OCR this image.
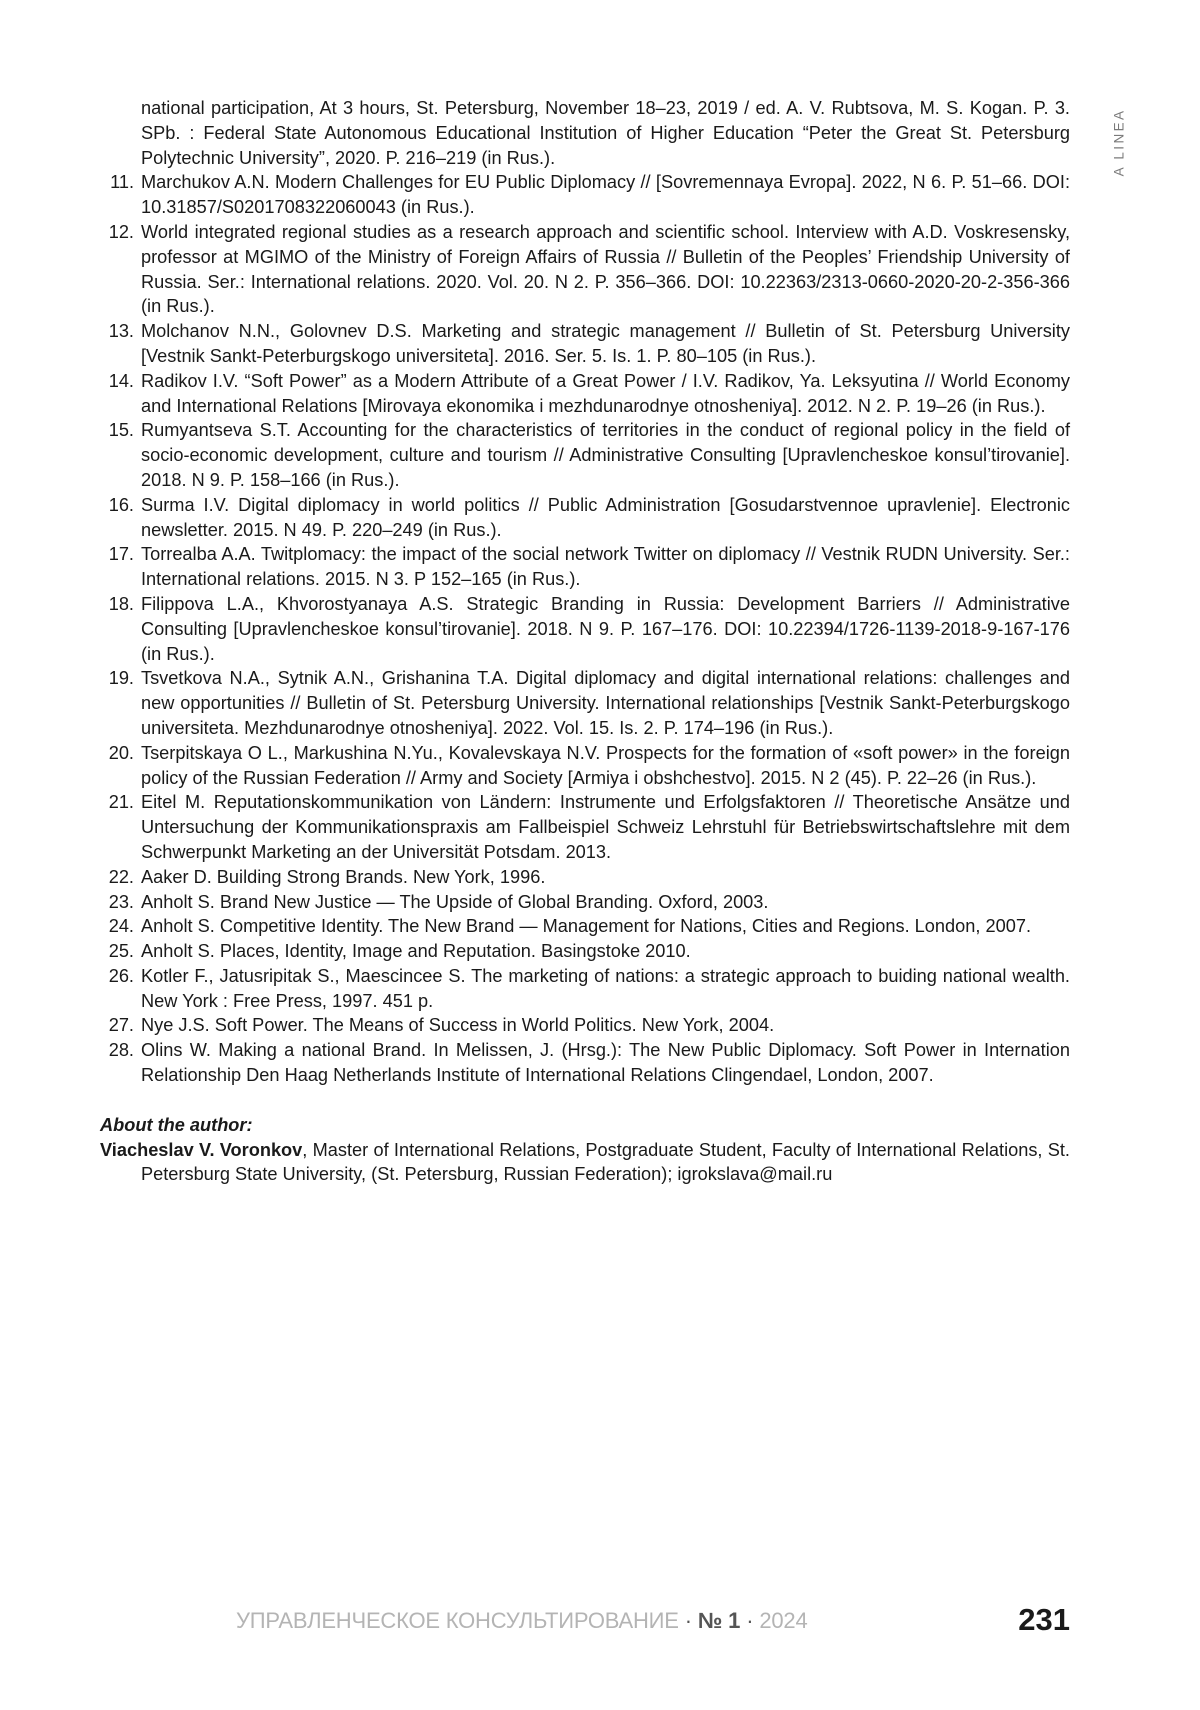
A LINEA
national participation, At 3 hours, St. Petersburg, November 18–23, 2019 / ed. A. V. Rubtsova, M. S. Kogan. P. 3. SPb. : Federal State Autonomous Educational Institution of Higher Education “Peter the Great St. Petersburg Polytechnic University”, 2020. P. 216–219 (in Rus.).
11. Marchukov A.N. Modern Challenges for EU Public Diplomacy // [Sovremennaya Evropa]. 2022, N 6. P. 51–66. DOI: 10.31857/S0201708322060043 (in Rus.).
12. World integrated regional studies as a research approach and scientific school. Interview with A.D. Voskresensky, professor at MGIMO of the Ministry of Foreign Affairs of Russia // Bulletin of the Peoples’ Friendship University of Russia. Ser.: International relations. 2020. Vol. 20. N 2. P. 356–366. DOI: 10.22363/2313-0660-2020-20-2-356-366 (in Rus.).
13. Molchanov N.N., Golovnev D.S. Marketing and strategic management // Bulletin of St. Petersburg University [Vestnik Sankt-Peterburgskogo universiteta]. 2016. Ser. 5. Is. 1. P. 80–105 (in Rus.).
14. Radikov I.V. “Soft Power” as a Modern Attribute of a Great Power / I.V. Radikov, Ya. Leksyutina // World Economy and International Relations [Mirovaya ekonomika i mezhdunarodnye otnosheniya]. 2012. N 2. P. 19–26 (in Rus.).
15. Rumyantseva S.T. Accounting for the characteristics of territories in the conduct of regional policy in the field of socio-economic development, culture and tourism // Administrative Consulting [Upravlencheskoe konsul’tirovanie]. 2018. N 9. P. 158–166 (in Rus.).
16. Surma I.V. Digital diplomacy in world politics // Public Administration [Gosudarstvennoe upravlenie]. Electronic newsletter. 2015. N 49. P. 220–249 (in Rus.).
17. Torrealba A.A. Twitplomacy: the impact of the social network Twitter on diplomacy // Vestnik RUDN University. Ser.: International relations. 2015. N 3. P 152–165 (in Rus.).
18. Filippova L.A., Khvorostyanaya A.S. Strategic Branding in Russia: Development Barriers // Administrative Consulting [Upravlencheskoe konsul’tirovanie]. 2018. N 9. P. 167–176. DOI: 10.22394/1726-1139-2018-9-167-176 (in Rus.).
19. Tsvetkova N.A., Sytnik A.N., Grishanina T.A. Digital diplomacy and digital international relations: challenges and new opportunities // Bulletin of St. Petersburg University. International relationships [Vestnik Sankt-Peterburgskogo universiteta. Mezhdunarodnye otnosheniya]. 2022. Vol. 15. Is. 2. P. 174–196 (in Rus.).
20. Tserpitskaya O L., Markushina N.Yu., Kovalevskaya N.V. Prospects for the formation of «soft power» in the foreign policy of the Russian Federation // Army and Society [Armiya i obshchestvo]. 2015. N 2 (45). P. 22–26 (in Rus.).
21. Eitel M. Reputationskommunikation von Ländern: Instrumente und Erfolgsfaktoren // Theoretische Ansätze und Untersuchung der Kommunikationspraxis am Fallbeispiel Schweiz Lehrstuhl für Betriebswirtschaftslehre mit dem Schwerpunkt Marketing an der Universität Potsdam. 2013.
22. Aaker D. Building Strong Brands. New York, 1996.
23. Anholt S. Brand New Justice — The Upside of Global Branding. Oxford, 2003.
24. Anholt S. Competitive Identity. The New Brand — Management for Nations, Cities and Regions. London, 2007.
25. Anholt S. Places, Identity, Image and Reputation. Basingstoke 2010.
26. Kotler F., Jatusripitak S., Maescincee S. The marketing of nations: a strategic approach to buiding national wealth. New York : Free Press, 1997. 451 p.
27. Nye J.S. Soft Power. The Means of Success in World Politics. New York, 2004.
28. Olins W. Making a national Brand. In Melissen, J. (Hrsg.): The New Public Diplomacy. Soft Power in Internation Relationship Den Haag Netherlands Institute of International Relations Clingendael, London, 2007.
About the author:
Viacheslav V. Voronkov, Master of International Relations, Postgraduate Student, Faculty of International Relations, St. Petersburg State University, (St. Petersburg, Russian Federation); igrokslava@mail.ru
УПРАВЛЕНЧЕСКОЕ КОНСУЛЬТИРОВАНИЕ · № 1 · 2024	231
